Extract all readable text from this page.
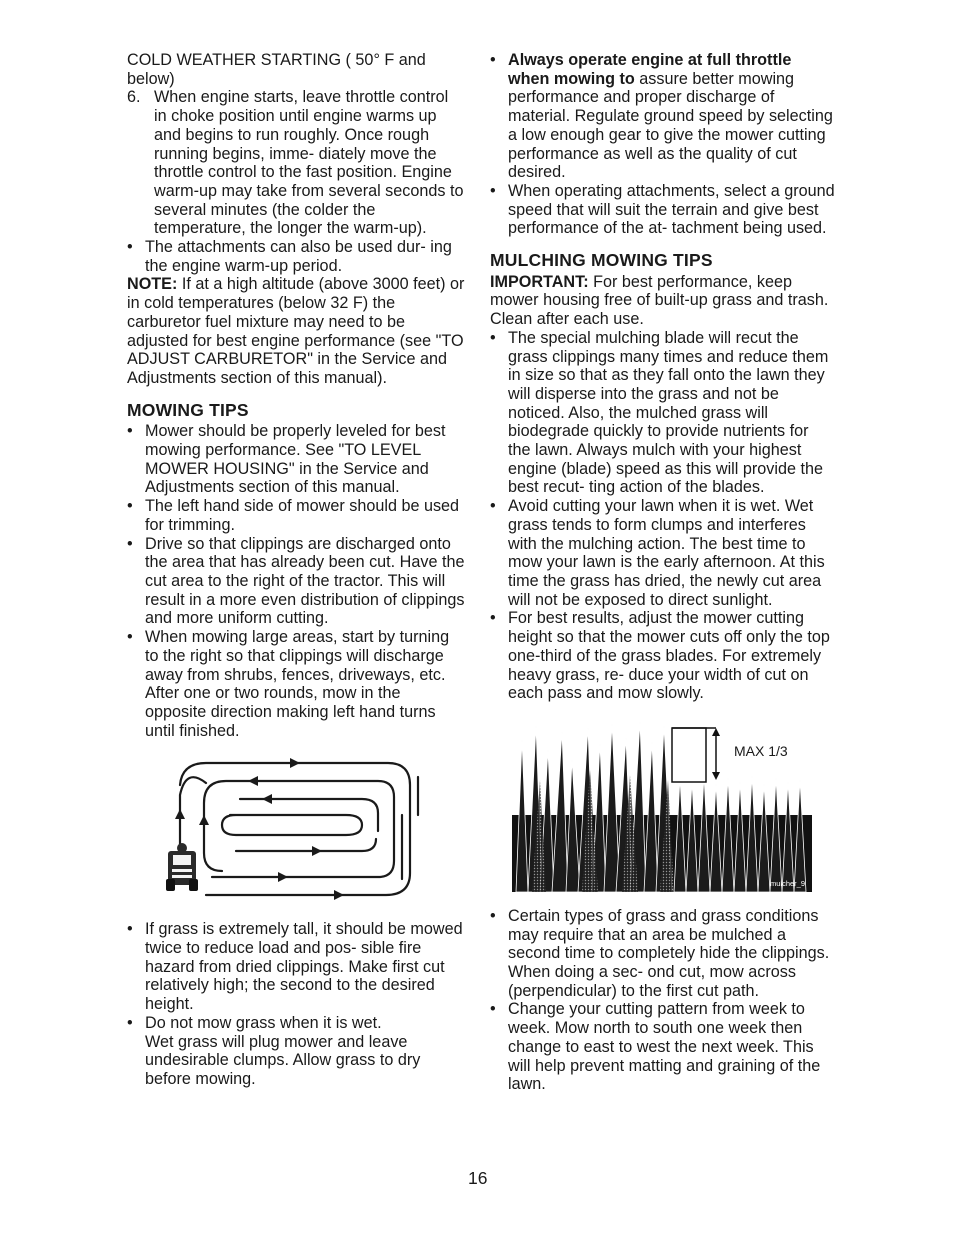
COLD WEATHER STARTING ( 50° F and below)

6. When engine starts, leave throttle control in choke position until engine warms up and begins to run roughly. Once rough running begins, imme- diately move the throttle control to the fast position. Engine warm-up may take from several seconds to several minutes (the colder the temperature, the longer the warm-up).
• The attachments can also be used dur- ing the engine warm-up period.

NOTE: If at a high altitude (above 3000 feet) or in cold temperatures (below 32 F) the carburetor fuel mixture may need to be adjusted for best engine performance (see "TO ADJUST CARBURETOR" in the Service and Adjustments section of this manual).

MOWING TIPS

• Mower should be properly leveled for best mowing performance. See "TO LEVEL MOWER HOUSING" in the Service and Adjustments section of this manual.
• The left hand side of mower should be used for trimming.
• Drive so that clippings are discharged onto the area that has already been cut. Have the cut area to the right of the tractor. This will result in a more even distribution of clippings and more uniform cutting.
• When mowing large areas, start by turning to the right so that clippings will discharge away from shrubs, fences, driveways, etc. After one or two rounds, mow in the opposite direction making left hand turns until finished.
• If grass is extremely tall, it should be mowed twice to reduce load and pos- sible fire hazard from dried clippings. Make first cut relatively high; the second to the desired height.
• Do not mow grass when it is wet.

Wet grass will plug mower and leave undesirable clumps. Allow grass to dry before mowing.

• Always operate engine at full throttle when mowing to assure better mowing performance and proper discharge of material. Regulate ground speed by selecting a low enough gear to give the mower cutting performance as well as the quality of cut desired.
• When operating attachments, select a ground speed that will suit the terrain and give best performance of the at- tachment being used.

MULCHING MOWING TIPS

IMPORTANT: For best performance, keep mower housing free of built-up grass and trash. Clean after each use.

• The special mulching blade will recut the grass clippings many times and reduce them in size so that as they fall onto the lawn they will disperse into the grass and not be noticed. Also, the mulched grass will biodegrade quickly to provide nutrients for the lawn. Always mulch with your highest engine (blade) speed as this will provide the best recut- ting action of the blades.
• Avoid cutting your lawn when it is wet. Wet grass tends to form clumps and interferes with the mulching action. The best time to mow your lawn is the early afternoon. At this time the grass has dried, the newly cut area will not be exposed to direct sunlight.
• For best results, adjust the mower cutting height so that the mower cuts off only the top one-third of the grass blades. For extremely heavy grass, re- duce your width of cut on each pass and mow slowly.
MAX 1/3
mulcher_9
• Certain types of grass and grass conditions may require that an area be mulched a second time to completely hide the clippings. When doing a sec- ond cut, mow across (perpendicular) to the first cut path.
• Change your cutting pattern from week to week. Mow north to south one week then change to east to west the next week. This will help prevent matting and graining of the lawn.
16
